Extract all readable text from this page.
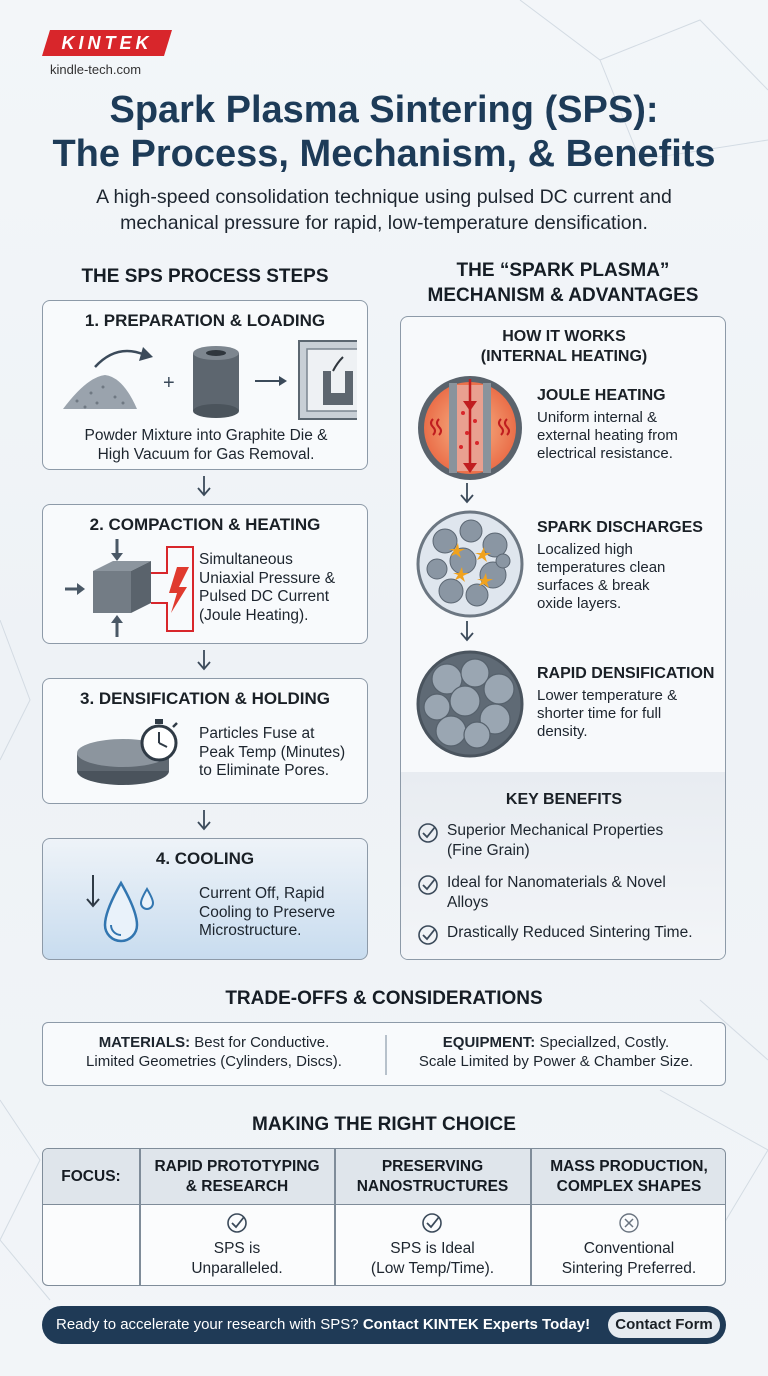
KINTEK
kindle-tech.com
Spark Plasma Sintering (SPS):
The Process, Mechanism, & Benefits
A high-speed consolidation technique using pulsed DC current and
mechanical pressure for rapid, low-temperature densification.
THE SPS PROCESS STEPS
1. PREPARATION & LOADING
+
Powder Mixture into Graphite Die &
High Vacuum for Gas Removal.
2. COMPACTION & HEATING
Simultaneous
Uniaxial Pressure &
Pulsed DC Current
(Joule Heating).
3. DENSIFICATION & HOLDING
Particles Fuse at
Peak Temp (Minutes)
to Eliminate Pores.
4. COOLING
Current Off, Rapid
Cooling to Preserve
Microstructure.
THE “SPARK PLASMA”
MECHANISM & ADVANTAGES
HOW IT WORKS
(INTERNAL HEATING)
JOULE HEATING
Uniform internal &
external heating from
electrical resistance.
SPARK DISCHARGES
Localized high
temperatures clean
surfaces & break
oxide layers.
RAPID DENSIFICATION
Lower temperature &
shorter time for full
density.
KEY BENEFITS
Superior Mechanical Properties
(Fine Grain)
Ideal for Nanomaterials & Novel
Alloys
Drastically Reduced Sintering Time.
TRADE-OFFS & CONSIDERATIONS
MATERIALS: Best for Conductive.
Limited Geometries (Cylinders, Discs).
EQUIPMENT: Speciallzed, Costly.
Scale Limited by Power & Chamber Size.
MAKING THE RIGHT CHOICE
FOCUS:
RAPID PROTOTYPING
& RESEARCH
PRESERVING
NANOSTRUCTURES
MASS PRODUCTION,
COMPLEX SHAPES
SPS is
Unparalleled.
SPS is Ideal
(Low Temp/Time).
Conventional
Sintering Preferred.
Ready to accelerate your research with SPS? Contact KINTEK Experts Today!	Contact Form
